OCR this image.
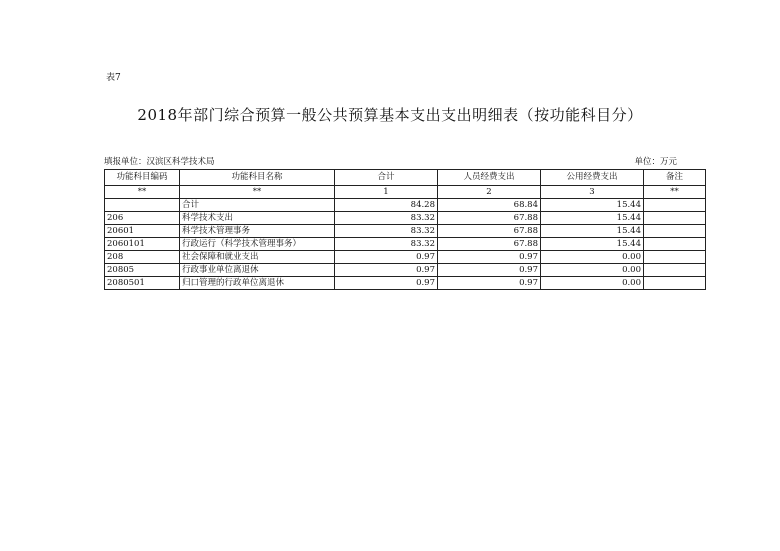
表7
2018年部门综合预算一般公共预算基本支出支出明细表（按功能科目分）
填报单位：汉滨区科学技术局	单位：万元
功能科目编码	功能科目名称	合计	人员经费支出	公用经费支出	备注
**	**	1	2	3	**
	合计	84.28	68.84	15.44	
206	科学技术支出	83.32	67.88	15.44	
20601	科学技术管理事务	83.32	67.88	15.44	
2060101	行政运行（科学技术管理事务）	83.32	67.88	15.44	
208	社会保障和就业支出	0.97	0.97	0.00	
20805	行政事业单位离退休	0.97	0.97	0.00	
2080501	归口管理的行政单位离退休	0.97	0.97	0.00	
